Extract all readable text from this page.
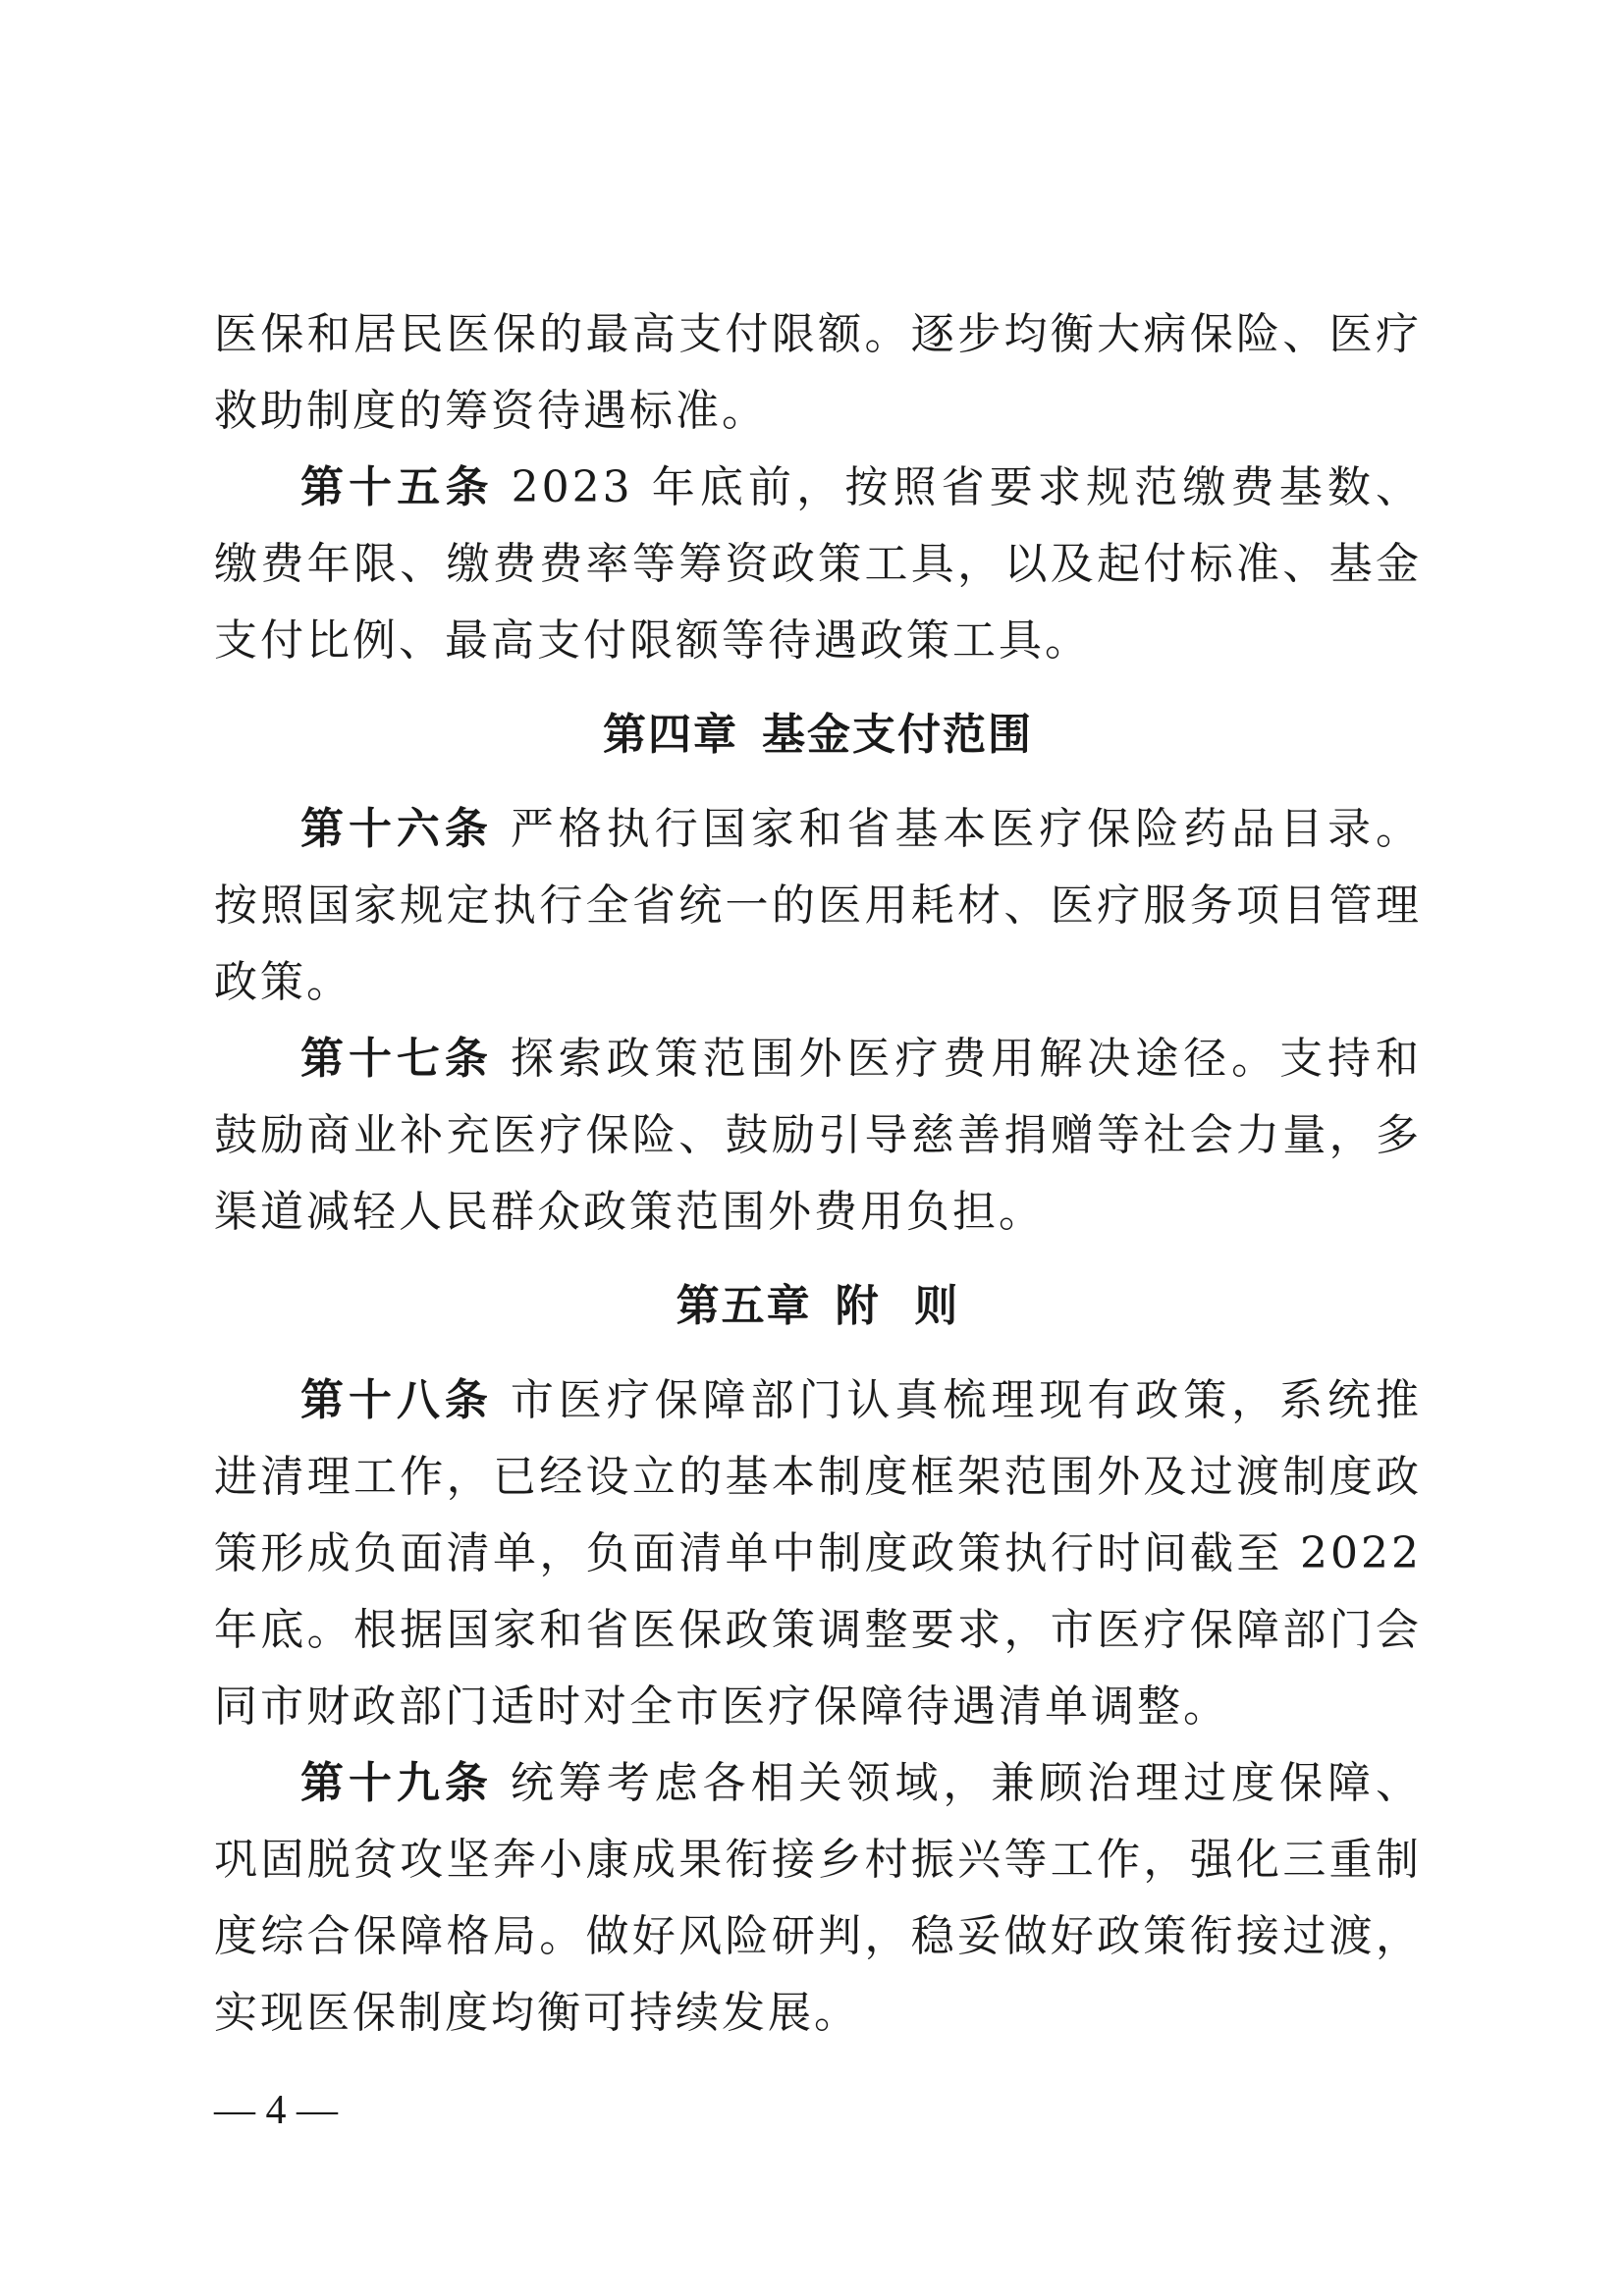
医保和居民医保的最高支付限额。逐步均衡大病保险、医疗救助制度的筹资待遇标准。

第十五条 2023 年底前，按照省要求规范缴费基数、缴费年限、缴费费率等筹资政策工具，以及起付标准、基金支付比例、最高支付限额等待遇政策工具。

第四章 基金支付范围

第十六条 严格执行国家和省基本医疗保险药品目录。按照国家规定执行全省统一的医用耗材、医疗服务项目管理政策。

第十七条 探索政策范围外医疗费用解决途径。支持和鼓励商业补充医疗保险、鼓励引导慈善捐赠等社会力量，多渠道减轻人民群众政策范围外费用负担。

第五章 附  则

第十八条 市医疗保障部门认真梳理现有政策，系统推进清理工作，已经设立的基本制度框架范围外及过渡制度政策形成负面清单，负面清单中制度政策执行时间截至 2022 年底。根据国家和省医保政策调整要求，市医疗保障部门会同市财政部门适时对全市医疗保障待遇清单调整。

第十九条 统筹考虑各相关领域，兼顾治理过度保障、巩固脱贫攻坚奔小康成果衔接乡村振兴等工作，强化三重制度综合保障格局。做好风险研判，稳妥做好政策衔接过渡，实现医保制度均衡可持续发展。

— 4 —
